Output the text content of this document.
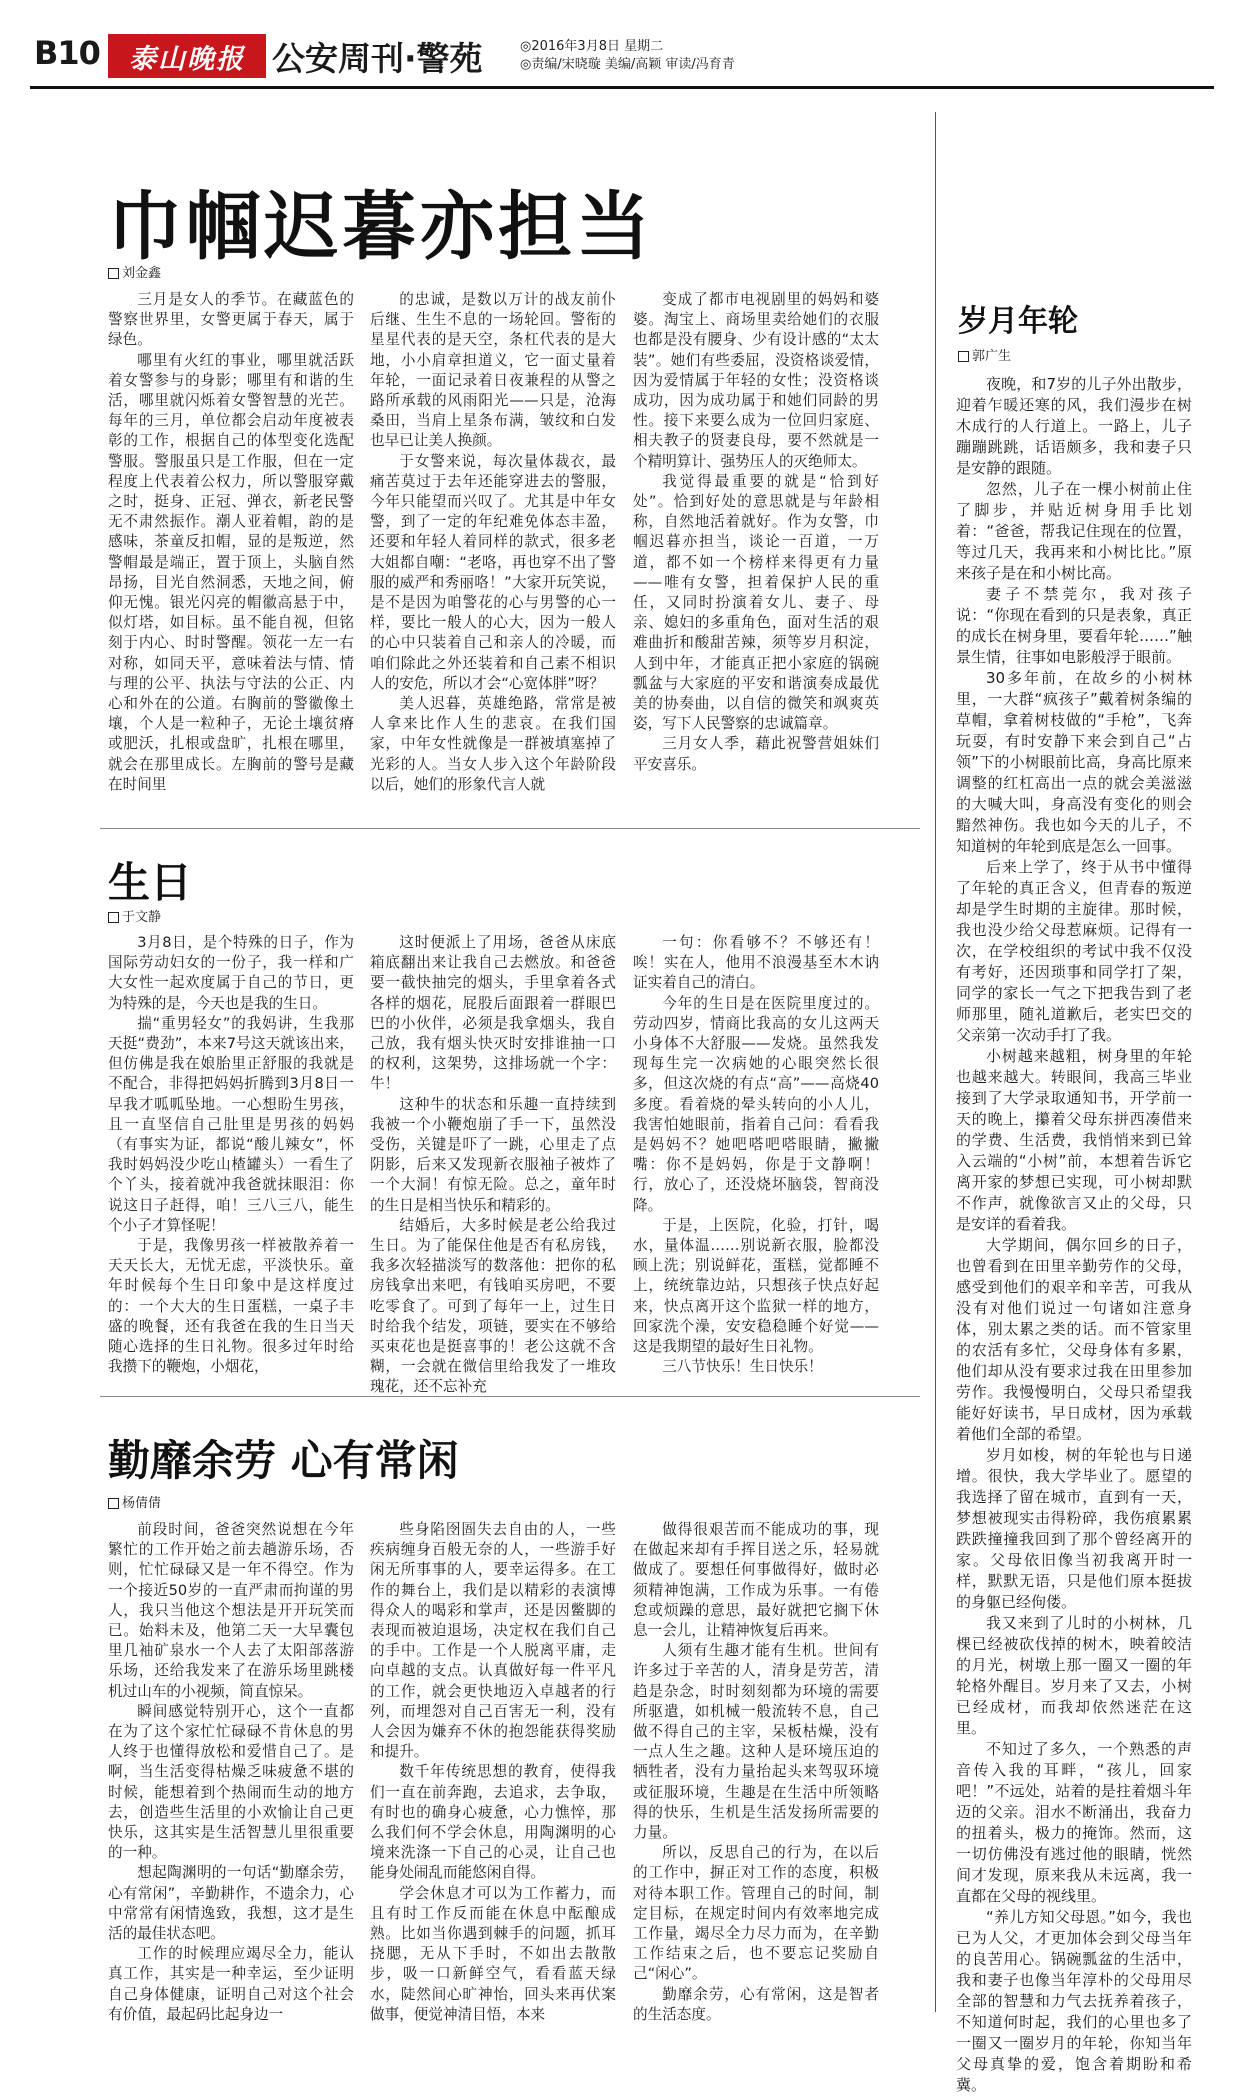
B10	泰山晚报 公安周刊·警苑	◎2016年3月8日 星期二
◎责编/宋晓璇 美编/高颖 审读/冯育青
巾帼迟暮亦担当
刘金鑫

三月是女人的季节。在藏蓝色的警察世界里，女警更属于春天，属于绿色。

哪里有火红的事业，哪里就活跃着女警参与的身影；哪里有和谐的生活，哪里就闪烁着女警智慧的光芒。每年的三月，单位都会启动年度被表彰的工作，根据自己的体型变化选配警服。警服虽只是工作服，但在一定程度上代表着公权力，所以警服穿戴之时，挺身、正冠、弹衣，新老民警无不肃然振作。潮人亚着帽，韵的是感味，茶童反扣帽，显的是叛逆，然警帽最是端正，置于顶上，头脑自然昂扬，目光自然洞悉，天地之间，俯仰无愧。银光闪亮的帽徽高悬于中，似灯塔，如目标。虽不能自视，但铭刻于内心、时时警醒。领花一左一右对称，如同天平，意味着法与情、情与理的公平、执法与守法的公正、内心和外在的公道。右胸前的警徽像土壤，个人是一粒种子，无论土壤贫瘠或肥沃，扎根或盘旷，扎根在哪里，就会在那里成长。左胸前的警号是藏在时间里

的忠诚，是数以万计的战友前仆后继、生生不息的一场轮回。警衔的星星代表的是天空，条杠代表的是大地，小小肩章担道义，它一面丈量着年轮，一面记录着日夜兼程的从警之路所承载的风雨阳光——只是，沧海桑田，当肩上星条布满，皱纹和白发也早已让美人换颜。

于女警来说，每次量体裁衣，最痛苦莫过于去年还能穿进去的警服，今年只能望而兴叹了。尤其是中年女警，到了一定的年纪难免体态丰盈，还要和年轻人着同样的款式，很多老大姐都自嘲：“老咯，再也穿不出了警服的威严和秀丽咯！”大家开玩笑说，是不是因为咱警花的心与男警的心一样，要比一般人的心大，因为一般人的心中只装着自己和亲人的冷暖，而咱们除此之外还装着和自己素不相识人的安危，所以才会“心宽体胖”呀？

美人迟暮，英雄绝路，常常是被人拿来比作人生的悲哀。在我们国家，中年女性就像是一群被填塞掉了光彩的人。当女人步入这个年龄阶段以后，她们的形象代言人就

变成了都市电视剧里的妈妈和婆婆。淘宝上、商场里卖给她们的衣服也都是没有腰身、少有设计感的“太太装”。她们有些委屈，没资格谈爱情，因为爱情属于年轻的女性；没资格谈成功，因为成功属于和她们同龄的男性。接下来要么成为一位回归家庭、相夫教子的贤妻良母，要不然就是一个精明算计、强势压人的灭绝师太。

我觉得最重要的就是“恰到好处”。恰到好处的意思就是与年龄相称，自然地活着就好。作为女警，巾帼迟暮亦担当，谈论一百道，一万道，都不如一个榜样来得更有力量——唯有女警，担着保护人民的重任，又同时扮演着女儿、妻子、母亲、媳妇的多重角色，面对生活的艰难曲折和酸甜苦辣，须等岁月积淀，人到中年，才能真正把小家庭的锅碗瓢盆与大家庭的平安和谐演奏成最优美的协奏曲，以自信的微笑和飒爽英姿，写下人民警察的忠诚篇章。

三月女人季，藉此祝警营姐妹们平安喜乐。

生日
于文静

3月8日，是个特殊的日子，作为国际劳动妇女的一份子，我一样和广大女性一起欢度属于自己的节日，更为特殊的是，今天也是我的生日。

揣“重男轻女”的我妈讲，生我那天挺“费劲”，本来7号这天就该出来，但仿佛是我在娘胎里正舒服的我就是不配合，非得把妈妈折腾到3月8日一早我才呱呱坠地。一心想盼生男孩，且一直坚信自己肚里是男孩的妈妈（有事实为证，都说“酸儿辣女”，怀我时妈妈没少吃山楂罐头）一看生了个丫头，接着就冲我爸就抹眼泪：你说这日子赶得，咱！三八三八，能生个小子才算怪呢！

于是，我像男孩一样被散养着一天天长大，无忧无虑，平淡快乐。童年时候每个生日印象中是这样度过的：一个大大的生日蛋糕，一桌子丰盛的晚餐，还有我爸在我的生日当天随心选择的生日礼物。很多过年时给我攒下的鞭炮，小烟花，

这时便派上了用场，爸爸从床底箱底翻出来让我自己去燃放。和爸爸要一截快抽完的烟头，手里拿着各式各样的烟花，屁股后面跟着一群眼巴巴的小伙伴，必须是我拿烟头，我自己放，我有烟头快灭时安排谁抽一口的权利，这架势，这排场就一个字：牛！

这种牛的状态和乐趣一直持续到我被一个小鞭炮崩了手一下，虽然没受伤，关键是吓了一跳，心里走了点阴影，后来又发现新衣服袖子被炸了一个大洞！有惊无险。总之，童年时的生日是相当快乐和精彩的。

结婚后，大多时候是老公给我过生日。为了能保住他是否有私房钱，我多次轻描淡写的数落他：把你的私房钱拿出来吧，有钱咱买房吧，不要吃零食了。可到了每年一上，过生日时给我个结发，项链，要实在不够给买束花也是挺喜事的！老公这就不含糊，一会就在微信里给我发了一堆玫瑰花，还不忘补充

一句：你看够不？不够还有！唉！实在人，他用不浪漫基至木木讷证实着自己的清白。

今年的生日是在医院里度过的。劳动四岁，情商比我高的女儿这两天小身体不大舒服——发烧。虽然我发现每生完一次病她的心眼突然长很多，但这次烧的有点“高”——高烧40多度。看着烧的晕头转向的小人儿，我害怕她眼前，指着自己问：看看我是妈妈不？她吧嗒吧嗒眼睛，撇撇嘴：你不是妈妈，你是于文静啊！行，放心了，还没烧坏脑袋，智商没降。

于是，上医院，化验，打针，喝水，量体温……别说新衣服，脸都没顾上洗；别说鲜花，蛋糕，觉都睡不上，统统靠边站，只想孩子快点好起来，快点离开这个监狱一样的地方，回家洗个澡，安安稳稳睡个好觉——这是我期望的最好生日礼物。

三八节快乐！生日快乐！

勤靡余劳 心有常闲
杨倩倩

前段时间，爸爸突然说想在今年繁忙的工作开始之前去趟游乐场，否则，忙忙碌碌又是一年不得空。作为一个接近50岁的一直严肃而拘谨的男人，我只当他这个想法是开开玩笑而已。始料未及，他第二天一大早囊包里几袖矿泉水一个人去了太阳部落游乐场，还给我发来了在游乐场里跳楼机过山车的小视频，简直惊呆。

瞬间感觉特别开心，这个一直都在为了这个家忙忙碌碌不肯休息的男人终于也懂得放松和爱惜自己了。是啊，当生活变得枯燥乏味疲惫不堪的时候，能想着到个热闹而生动的地方去，创造些生活里的小欢愉让自己更快乐，这其实是生活智慧儿里很重要的一种。

想起陶渊明的一句话“勤靡余劳，心有常闲”，辛勤耕作，不遗余力，心中常常有闲情逸致，我想，这才是生活的最佳状态吧。

工作的时候理应竭尽全力，能认真工作，其实是一种幸运，至少证明自己身体健康，证明自己对这个社会有价值，最起码比起身边一

些身陷囹圄失去自由的人，一些疾病缠身百般无奈的人，一些游手好闲无所事事的人，要幸运得多。在工作的舞台上，我们是以精彩的表演博得众人的喝彩和掌声，还是因鳖脚的表现而被迫退场，决定权在我们自己的手中。工作是一个人脱离平庸，走向卓越的支点。认真做好每一件平凡的工作，就会更快地迈入卓越者的行列，而埋怨对自己百害无一利，没有人会因为嫌弃不休的抱怨能获得奖励和提升。

数千年传统思想的教育，使得我们一直在前奔跑，去追求，去争取，有时也的确身心疲惫，心力憔悴，那么我们何不学会休息，用陶渊明的心境来洗涤一下自己的心灵，让自己也能身处闹乱而能悠闲自得。

学会休息才可以为工作蓄力，而且有时工作反而能在休息中酝酿成熟。比如当你遇到棘手的问题，抓耳挠腮，无从下手时，不如出去散散步，吸一口新鲜空气，看看蓝天绿水，陡然间心旷神怡，回头来再伏案做事，便觉神清目悟，本来

做得很艰苦而不能成功的事，现在做起来却有手挥目送之乐，轻易就做成了。要想任何事做得好，做时必须精神饱满，工作成为乐事。一有倦怠或烦躁的意思，最好就把它搁下休息一会儿，让精神恢复后再来。

人须有生趣才能有生机。世间有许多过于辛苦的人，清身是劳苦，清趋是杂念，时时刻刻都为环境的需要所驱遣，如机械一般流转不息，自己做不得自己的主宰，呆板枯燥，没有一点人生之趣。这种人是环境压迫的牺牲者，没有力量抬起头来驾驭环境或征服环境，生趣是在生活中所领略得的快乐，生机是生活发扬所需要的力量。

所以，反思自己的行为，在以后的工作中，摒正对工作的态度，积极对待本职工作。管理自己的时间，制定目标，在规定时间内有效率地完成工作量，竭尽全力尽力而为，在辛勤工作结束之后，也不要忘记奖励自己“闲心”。

勤靡余劳，心有常闲，这是智者的生活态度。

岁月年轮
郭广生

夜晚，和7岁的儿子外出散步，迎着乍暖还寒的风，我们漫步在树木成行的人行道上。一路上，儿子蹦蹦跳跳，话语颇多，我和妻子只是安静的跟随。

忽然，儿子在一棵小树前止住了脚步，并贴近树身用手比划着：“爸爸，帮我记住现在的位置，等过几天，我再来和小树比比。”原来孩子是在和小树比高。

妻子不禁莞尔，我对孩子说：“你现在看到的只是表象，真正的成长在树身里，要看年轮……”触景生情，往事如电影般浮于眼前。

30多年前，在故乡的小树林里，一大群“疯孩子”戴着树条编的草帽，拿着树枝做的“手枪”，飞奔玩耍，有时安静下来会到自己“占领”下的小树眼前比高，身高比原来调整的红杠高出一点的就会美滋滋的大喊大叫，身高没有变化的则会黯然神伤。我也如今天的儿子，不知道树的年轮到底是怎么一回事。

后来上学了，终于从书中懂得了年轮的真正含义，但青春的叛逆却是学生时期的主旋律。那时候，我也没少给父母惹麻烦。记得有一次，在学校组织的考试中我不仅没有考好，还因琐事和同学打了架，同学的家长一气之下把我告到了老师那里，随礼道歉后，老实巴交的父亲第一次动手打了我。

小树越来越粗，树身里的年轮也越来越大。转眼间，我高三毕业接到了大学录取通知书，开学前一天的晚上，攥着父母东拼西凑借来的学费、生活费，我悄悄来到已耸入云端的“小树”前，本想着告诉它离开家的梦想已实现，可小树却默不作声，就像欲言又止的父母，只是安详的看着我。

大学期间，偶尔回乡的日子，也曾看到在田里辛勤劳作的父母，感受到他们的艰辛和辛苦，可我从没有对他们说过一句诸如注意身体，别太累之类的话。而不管家里的农活有多忙，父母身体有多累，他们却从没有要求过我在田里参加劳作。我慢慢明白，父母只希望我能好好读书，早日成材，因为承载着他们全部的希望。

岁月如梭，树的年轮也与日递增。很快，我大学毕业了。愿望的我选择了留在城市，直到有一天，梦想被现实击得粉碎，我伤痕累累跌跌撞撞我回到了那个曾经离开的家。父母依旧像当初我离开时一样，默默无语，只是他们原本挺拔的身躯已经佝偻。

我又来到了儿时的小树林，几棵已经被砍伐掉的树木，映着皎洁的月光，树墩上那一圈又一圈的年轮格外醒目。岁月来了又去，小树已经成材，而我却依然迷茫在这里。

不知过了多久，一个熟悉的声音传入我的耳畔，“孩儿，回家吧！”不远处，站着的是拄着烟斗年迈的父亲。泪水不断涌出，我奋力的扭着头，极力的掩饰。然而，这一切仿佛没有逃过他的眼睛，恍然间才发现，原来我从未远离，我一直都在父母的视线里。

“养儿方知父母恩。”如今，我也已为人父，才更加体会到父母当年的良苦用心。锅碗瓢盆的生活中，我和妻子也像当年淳朴的父母用尽全部的智慧和力气去抚养着孩子，不知道何时起，我们的心里也多了一圈又一圈岁月的年轮，你知当年父母真挚的爱，饱含着期盼和希冀。
